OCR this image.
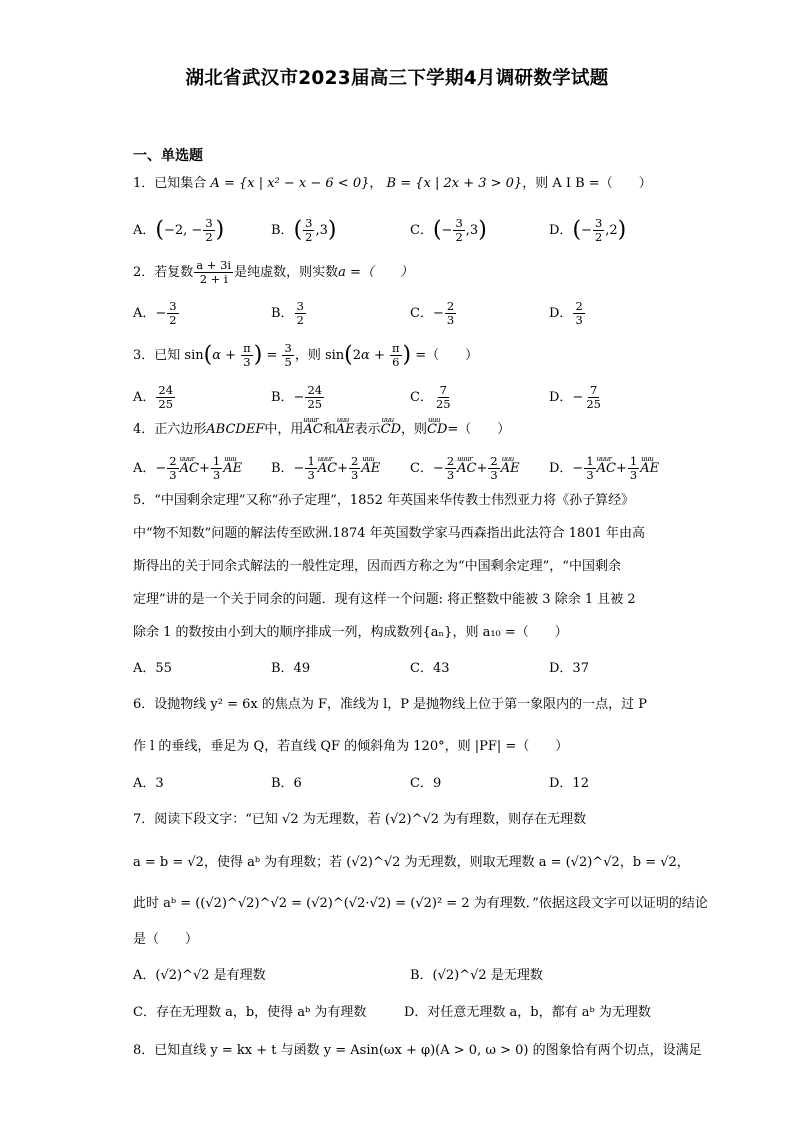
湖北省武汉市2023届高三下学期4月调研数学试题
一、单选题
1．已知集合 A = {x | x² − x − 6 < 0}， B = {x | 2x + 3 > 0}，则 A I B =（　　）
A．(−2, − $\frac{3}{2}$ )	B．( $\frac{3}{2} ,3$)	C．(− $\frac{3}{2} ,3$)	D．(− $\frac{3}{2} ,2$)
2．若复数 $\frac{a + 3i}{2 + i}$ 是纯虚数，则实数a =（　　）
A．− $\frac{3}{2}$	B． $\frac{3}{2}$	C．− $\frac{2}{3}$	D． $\frac{2}{3}$
3．已知 $\sin(\alpha + \frac{\pi}{3}$ ) = $\frac{3}{5}$ ，则 $\sin(2\alpha + \frac{\pi}{6}$ ) =（　　）
A． $\frac{24}{25}$	B．− $\frac{24}{25}$	C． $\frac{7}{25}$	D．− $\frac{7}{25}$
4．正六边形ABCDEF中，用uuur AC和uuu AE表示uuu CD，则uuu CD=（　　）
A．− $\frac{2}{3}$ uuur $AC+ \frac{1}{3}$ uuu AE B．− $\frac{1}{3}$ uuur $AC+ \frac{2}{3}$ uuu AE C．− $\frac{2}{3}$ uuur $AC+ \frac{2}{3}$ uuu AE D．− $\frac{1}{3}$ uuur $AC+ \frac{1}{3}$ uuu AE
5．“中国剩余定理”又称“孙子定理”，1852 年英国来华传教士伟烈亚力将《孙子算经》
中“物不知数”问题的解法传至欧洲.1874 年英国数学家马西森指出此法符合 1801 年由高
斯得出的关于同余式解法的一般性定理，因而西方称之为“中国剩余定理”，“中国剩余
定理”讲的是一个关于同余的问题．现有这样一个问题: 将正整数中能被 3 除余 1 且被 2
除余 1 的数按由小到大的顺序排成一列，构成数列{aₙ}，则 a₁₀ =（　　）
A．55	B．49	C．43	D．37
6．设抛物线 y² = 6x 的焦点为 F，准线为 l，P 是抛物线上位于第一象限内的一点，过 P
作 l 的垂线，垂足为 Q，若直线 QF 的倾斜角为 120°，则 |PF| =（　　）
A．3	B．6	C．9	D．12
7．阅读下段文字：“已知 √2 为无理数，若 (√2)^√2 为有理数，则存在无理数
a = b = √2，使得 aᵇ 为有理数；若 (√2)^√2 为无理数，则取无理数 a = (√2)^√2，b = √2，
此时 aᵇ = ((√2)^√2)^√2 = (√2)^(√2·√2) = (√2)² = 2 为有理数．”依据这段文字可以证明的结论
是（　　）
A．(√2)^√2 是有理数	B．(√2)^√2 是无理数
C．存在无理数 a，b，使得 aᵇ 为有理数	D．对任意无理数 a，b，都有 aᵇ 为无理数
8．已知直线 y = kx + t 与函数 y = Asin(ωx + φ)(A > 0, ω > 0) 的图象恰有两个切点，设满足
